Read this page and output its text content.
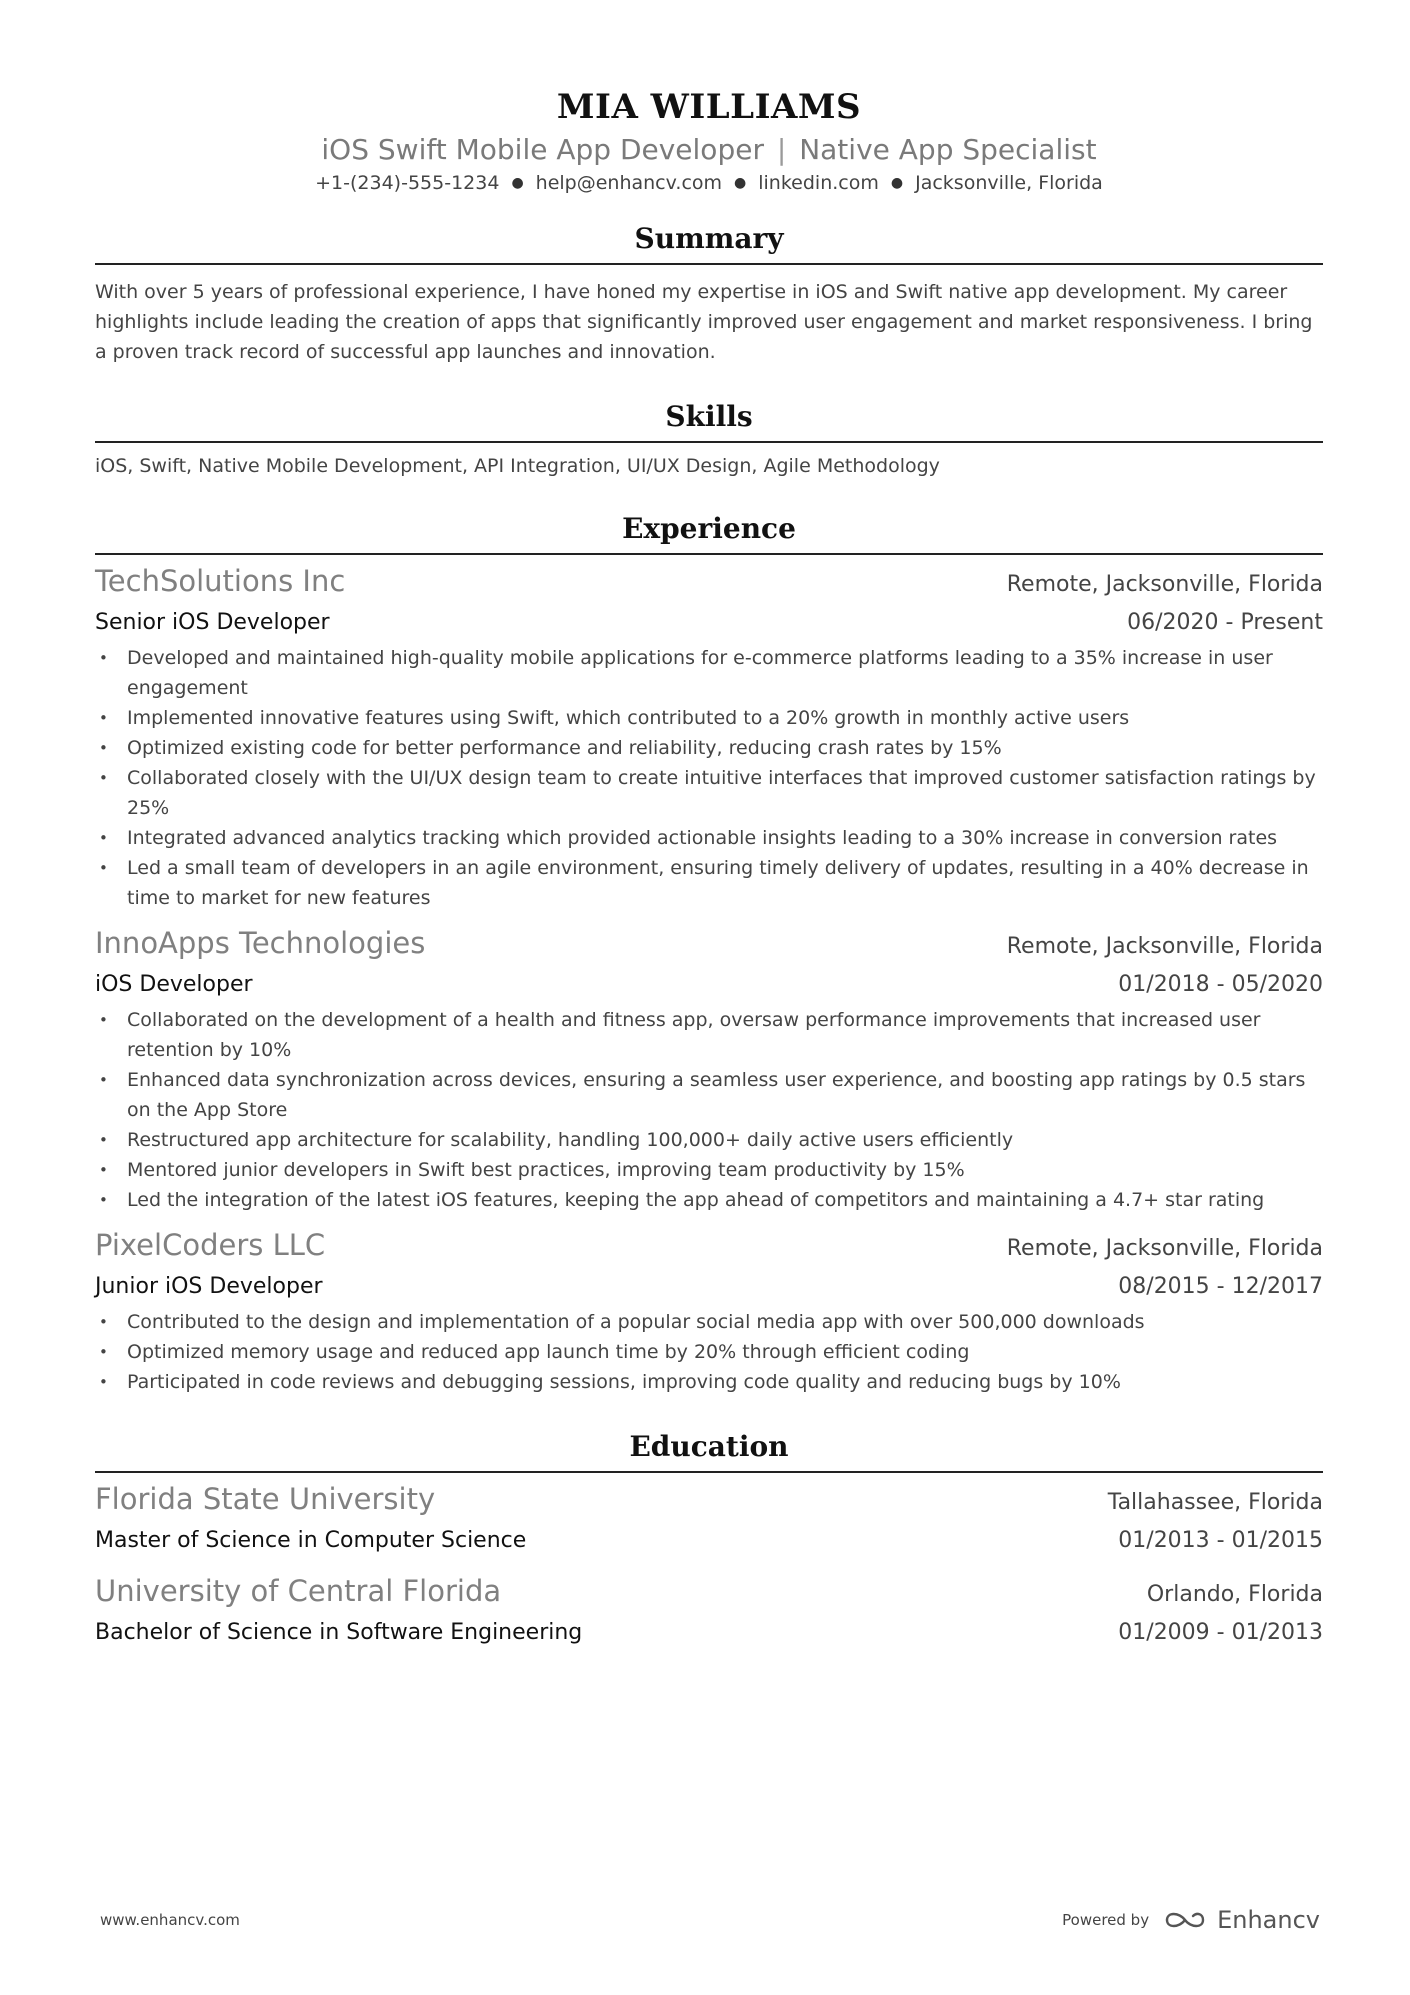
MIA WILLIAMS
iOS Swift Mobile App Developer | Native App Specialist
+1-(234)-555-1234 ● help@enhancv.com ● linkedin.com ● Jacksonville, Florida
Summary
With over 5 years of professional experience, I have honed my expertise in iOS and Swift native app development. My career highlights include leading the creation of apps that significantly improved user engagement and market responsiveness. I bring a proven track record of successful app launches and innovation.
Skills
iOS, Swift, Native Mobile Development, API Integration, UI/UX Design, Agile Methodology
Experience
TechSolutions Inc	Remote, Jacksonville, Florida
Senior iOS Developer	06/2020 - Present
• Developed and maintained high-quality mobile applications for e-commerce platforms leading to a 35% increase in user engagement
• Implemented innovative features using Swift, which contributed to a 20% growth in monthly active users
• Optimized existing code for better performance and reliability, reducing crash rates by 15%
• Collaborated closely with the UI/UX design team to create intuitive interfaces that improved customer satisfaction ratings by 25%
• Integrated advanced analytics tracking which provided actionable insights leading to a 30% increase in conversion rates
• Led a small team of developers in an agile environment, ensuring timely delivery of updates, resulting in a 40% decrease in time to market for new features
InnoApps Technologies	Remote, Jacksonville, Florida
iOS Developer	01/2018 - 05/2020
• Collaborated on the development of a health and fitness app, oversaw performance improvements that increased user retention by 10%
• Enhanced data synchronization across devices, ensuring a seamless user experience, and boosting app ratings by 0.5 stars on the App Store
• Restructured app architecture for scalability, handling 100,000+ daily active users efficiently
• Mentored junior developers in Swift best practices, improving team productivity by 15%
• Led the integration of the latest iOS features, keeping the app ahead of competitors and maintaining a 4.7+ star rating
PixelCoders LLC	Remote, Jacksonville, Florida
Junior iOS Developer	08/2015 - 12/2017
• Contributed to the design and implementation of a popular social media app with over 500,000 downloads
• Optimized memory usage and reduced app launch time by 20% through efficient coding
• Participated in code reviews and debugging sessions, improving code quality and reducing bugs by 10%
Education
Florida State University	Tallahassee, Florida
Master of Science in Computer Science	01/2013 - 01/2015
University of Central Florida	Orlando, Florida
Bachelor of Science in Software Engineering	01/2009 - 01/2013
www.enhancv.com	Powered by	Enhancv
